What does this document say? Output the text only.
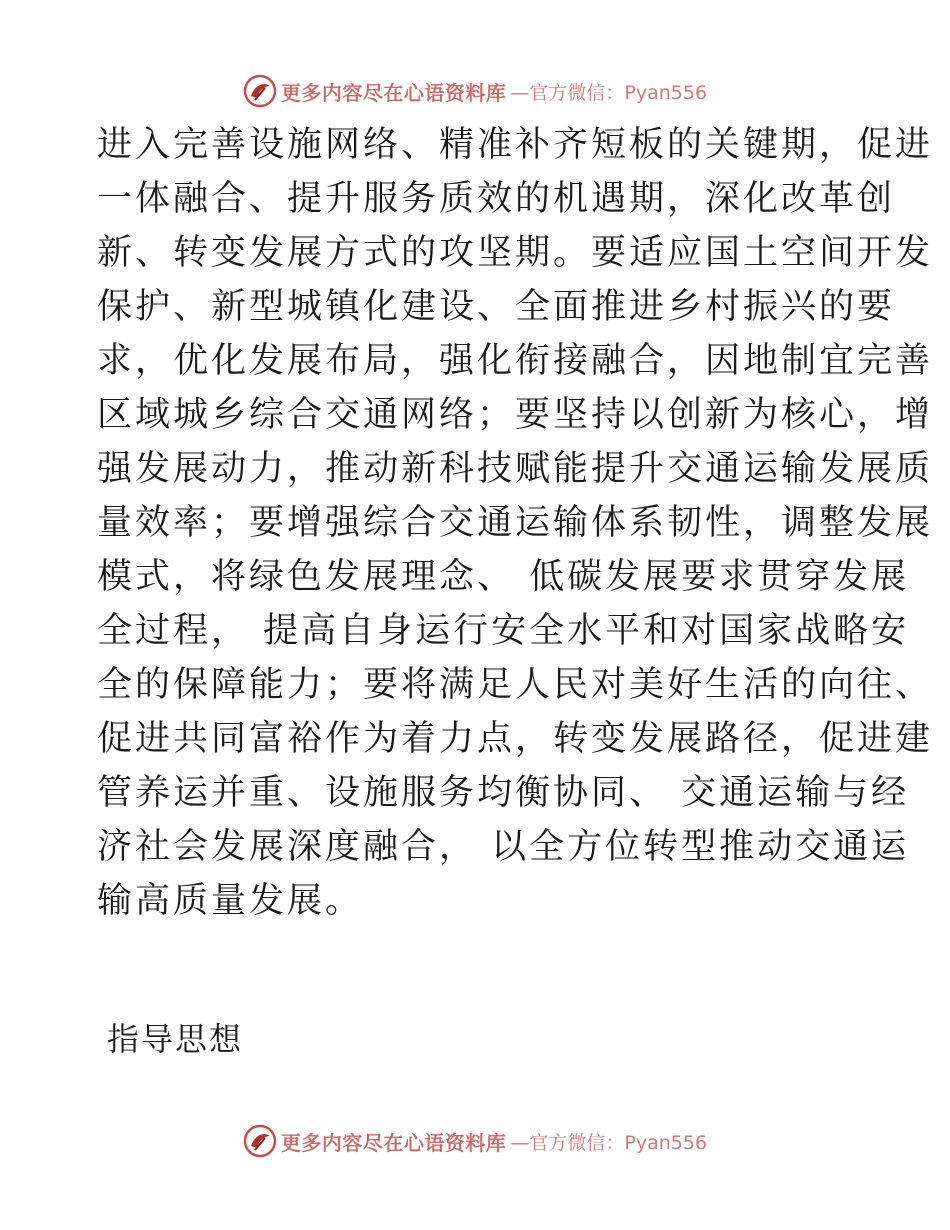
更多内容尽在心语资料库 —官方微信：Pyan556
进入完善设施网络、精准补齐短板的关键期，促进
一体融合、提升服务质效的机遇期，深化改革创
新、转变发展方式的攻坚期。要适应国土空间开发
保护、新型城镇化建设、全面推进乡村振兴的要
求，优化发展布局，强化衔接融合，因地制宜完善
区域城乡综合交通网络；要坚持以创新为核心，增
强发展动力，推动新科技赋能提升交通运输发展质
量效率；要增强综合交通运输体系韧性，调整发展
模式，将绿色发展理念、 低碳发展要求贯穿发展
全过程， 提高自身运行安全水平和对国家战略安
全的保障能力；要将满足人民对美好生活的向往、
促进共同富裕作为着力点，转变发展路径，促进建
管养运并重、设施服务均衡协同、 交通运输与经
济社会发展深度融合， 以全方位转型推动交通运
输高质量发展。
指导思想
更多内容尽在心语资料库 —官方微信：Pyan556
